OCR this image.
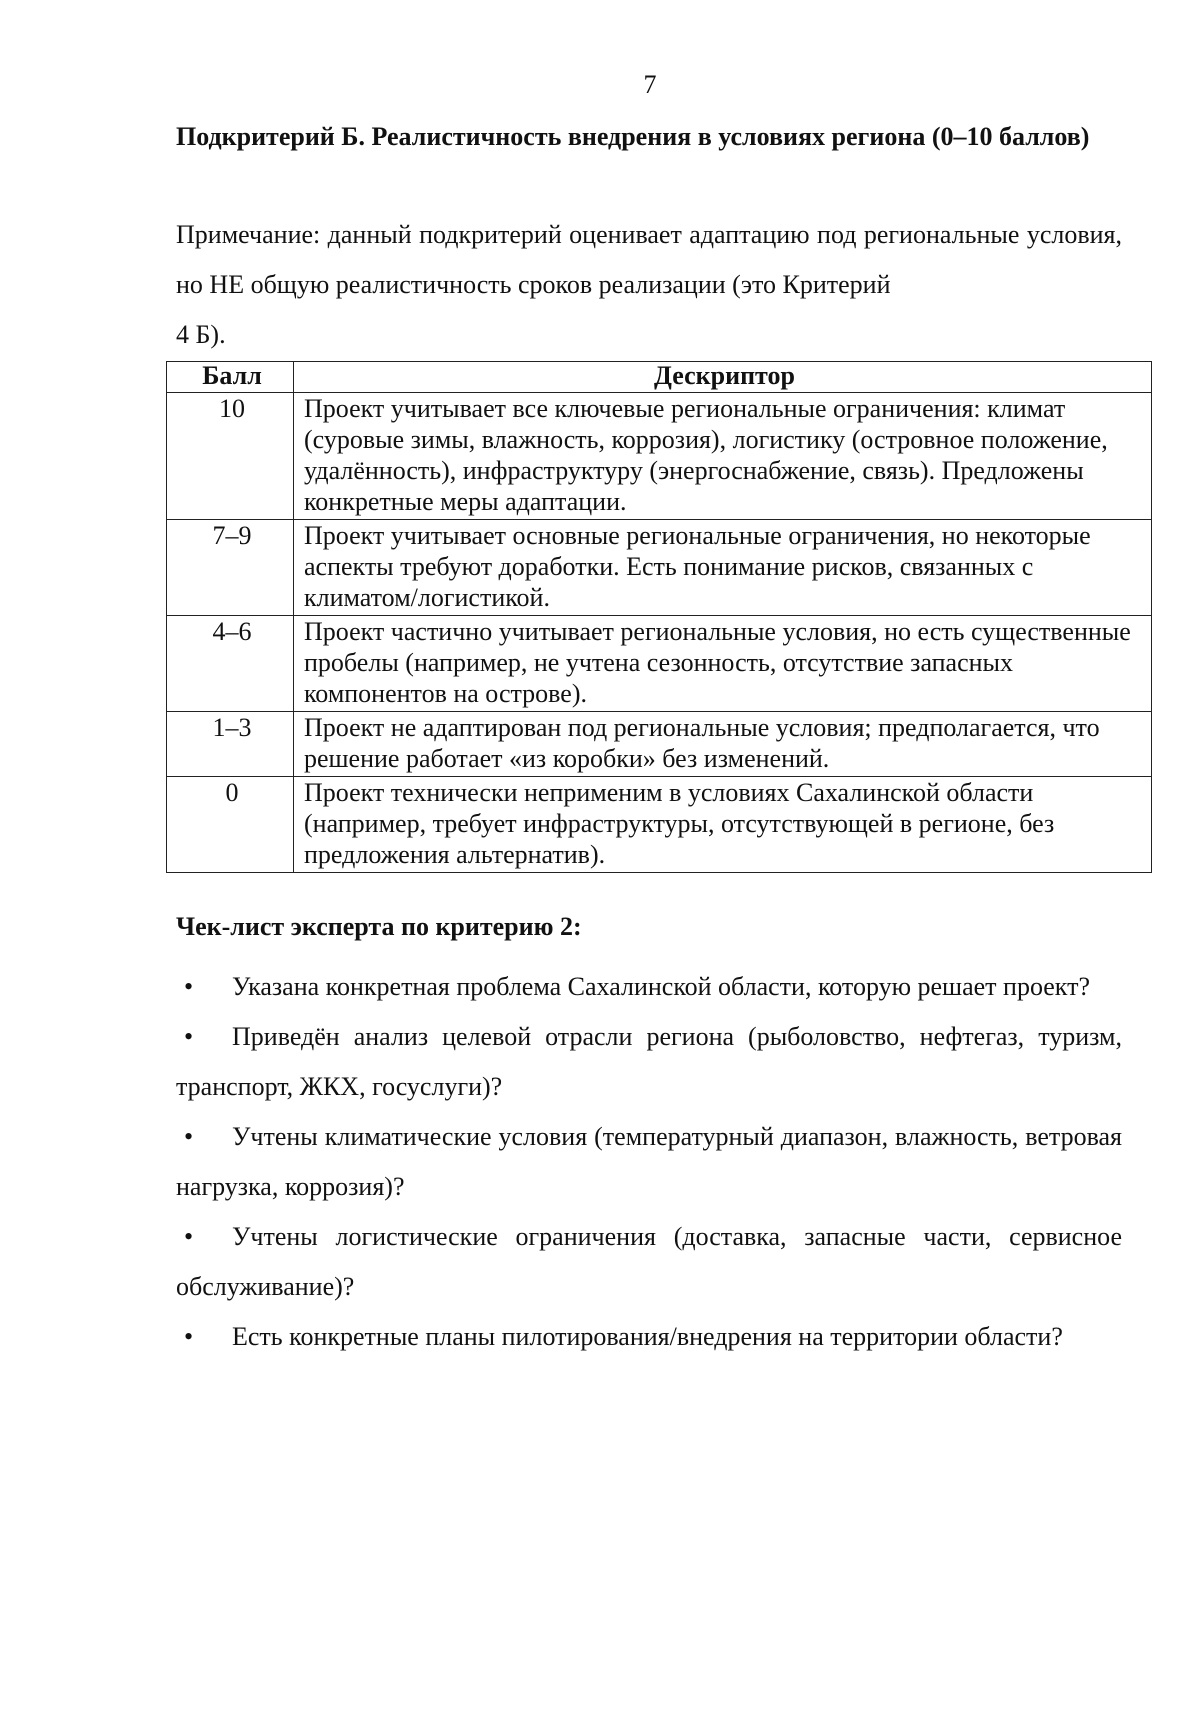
7
Подкритерий Б. Реалистичность внедрения в условиях региона (0–10 баллов)

Примечание: данный подкритерий оценивает адаптацию под региональные условия, но НЕ общую реалистичность сроков реализации (это Критерий
4 Б).

Балл	Дескриптор
10	Проект учитывает все ключевые региональные ограничения: климат (суровые зимы, влажность, коррозия), логистику (островное положение, удалённость), инфраструктуру (энергоснабжение, связь). Предложены конкретные меры адаптации.
7–9	Проект учитывает основные региональные ограничения, но некоторые аспекты требуют доработки. Есть понимание рисков, связанных с климатом/логистикой.
4–6	Проект частично учитывает региональные условия, но есть существенные пробелы (например, не учтена сезонность, отсутствие запасных компонентов на острове).
1–3	Проект не адаптирован под региональные условия; предполагается, что решение работает «из коробки» без изменений.
0	Проект технически неприменим в условиях Сахалинской области (например, требует инфраструктуры, отсутствующей в регионе, без предложения альтернатив).
Чек-лист эксперта по критерию 2:
• Указана конкретная проблема Сахалинской области, которую решает проект?
• Приведён анализ целевой отрасли региона (рыболовство, нефтегаз, туризм, транспорт, ЖКХ, госуслуги)?
• Учтены климатические условия (температурный диапазон, влажность, ветровая нагрузка, коррозия)?
• Учтены логистические ограничения (доставка, запасные части, сервисное обслуживание)?
• Есть конкретные планы пилотирования/внедрения на территории области?
